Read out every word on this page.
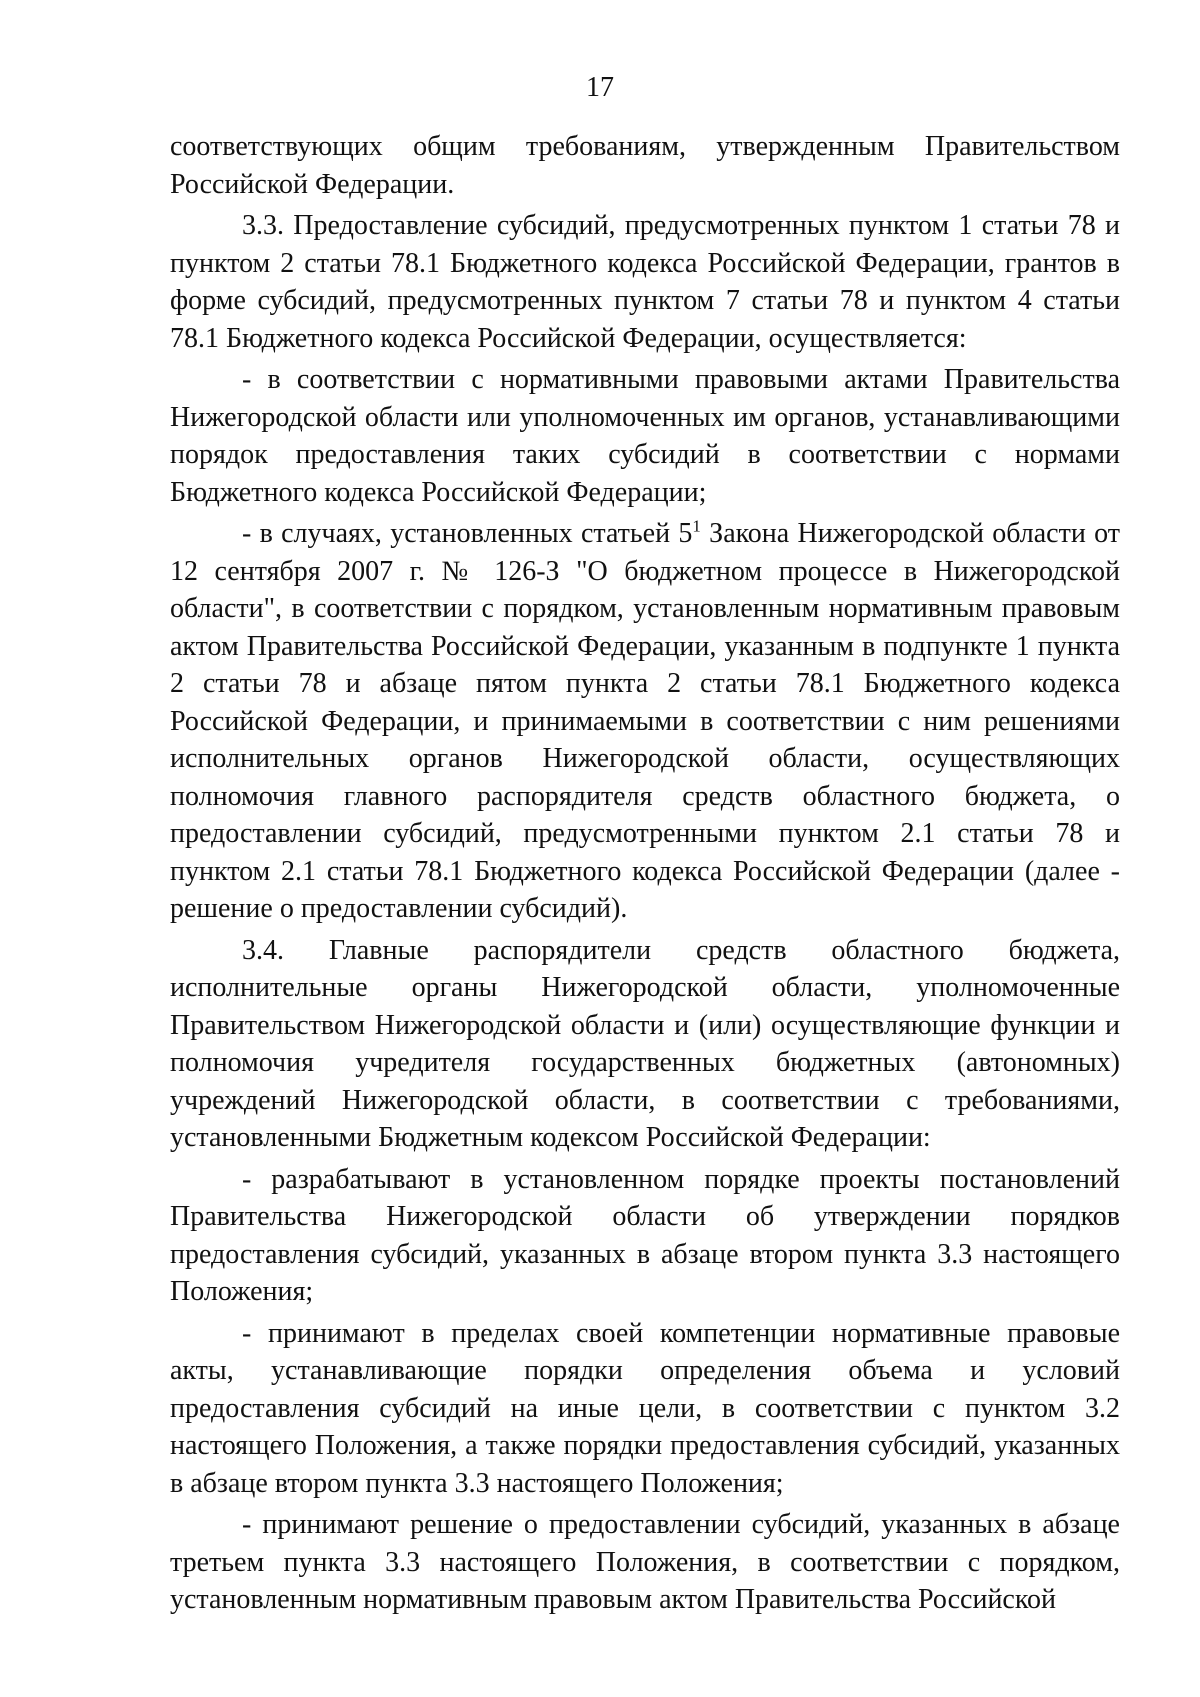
17

соответствующих общим требованиям, утвержденным Правительством Российской Федерации.

3.3. Предоставление субсидий, предусмотренных пунктом 1 статьи 78 и пунктом 2 статьи 78.1 Бюджетного кодекса Российской Федерации, грантов в форме субсидий, предусмотренных пунктом 7 статьи 78 и пунктом 4 статьи 78.1 Бюджетного кодекса Российской Федерации, осуществляется:

- в соответствии с нормативными правовыми актами Правительства Нижегородской области или уполномоченных им органов, устанавливающими порядок предоставления таких субсидий в соответствии с нормами Бюджетного кодекса Российской Федерации;

- в случаях, установленных статьей $5^1$ Закона Нижегородской области от 12 сентября 2007 г. № 126-З "О бюджетном процессе в Нижегородской области", в соответствии с порядком, установленным нормативным правовым актом Правительства Российской Федерации, указанным в подпункте 1 пункта 2 статьи 78 и абзаце пятом пункта 2 статьи 78.1 Бюджетного кодекса Российской Федерации, и принимаемыми в соответствии с ним решениями исполнительных органов Нижегородской области, осуществляющих полномочия главного распорядителя средств областного бюджета, о предоставлении субсидий, предусмотренными пунктом 2.1 статьи 78 и пунктом 2.1 статьи 78.1 Бюджетного кодекса Российской Федерации (далее - решение о предоставлении субсидий).

3.4. Главные распорядители средств областного бюджета, исполнительные органы Нижегородской области, уполномоченные Правительством Нижегородской области и (или) осуществляющие функции и полномочия учредителя государственных бюджетных (автономных) учреждений Нижегородской области, в соответствии с требованиями, установленными Бюджетным кодексом Российской Федерации:

- разрабатывают в установленном порядке проекты постановлений Правительства Нижегородской области об утверждении порядков предоставления субсидий, указанных в абзаце втором пункта 3.3 настоящего Положения;

- принимают в пределах своей компетенции нормативные правовые акты, устанавливающие порядки определения объема и условий предоставления субсидий на иные цели, в соответствии с пунктом 3.2 настоящего Положения, а также порядки предоставления субсидий, указанных в абзаце втором пункта 3.3 настоящего Положения;

- принимают решение о предоставлении субсидий, указанных в абзаце третьем пункта 3.3 настоящего Положения, в соответствии с порядком, установленным нормативным правовым актом Правительства Российской
